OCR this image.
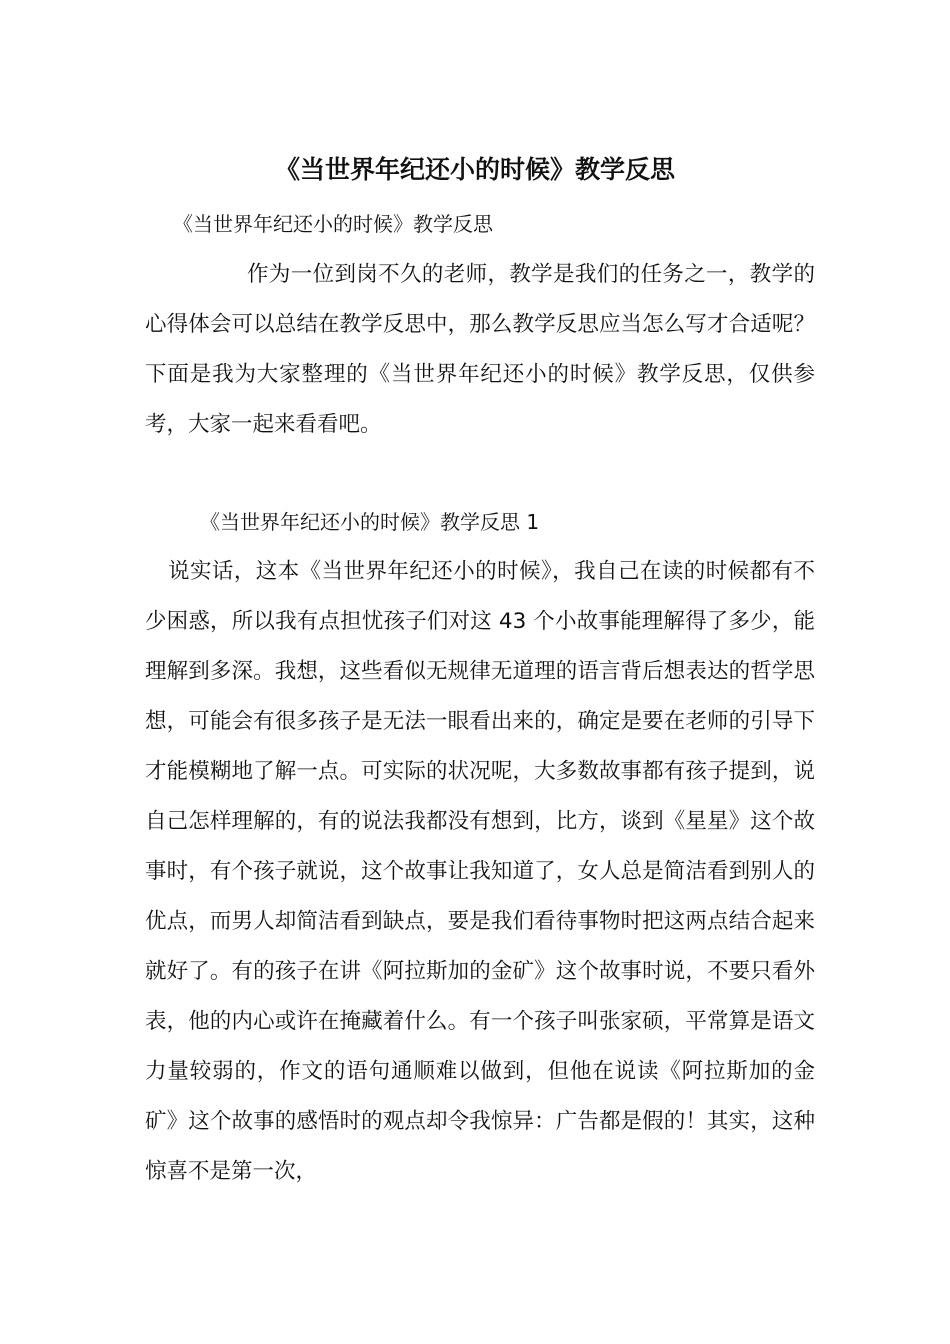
《当世界年纪还小的时候》教学反思

《当世界年纪还小的时候》教学反思

作为一位到岗不久的老师，教学是我们的任务之一，教学的心得体会可以总结在教学反思中，那么教学反思应当怎么写才合适呢？下面是我为大家整理的《当世界年纪还小的时候》教学反思，仅供参考，大家一起来看看吧。

《当世界年纪还小的时候》教学反思 1

说实话，这本《当世界年纪还小的时候》，我自己在读的时候都有不少困惑，所以我有点担忧孩子们对这 43 个小故事能理解得了多少，能理解到多深。我想，这些看似无规律无道理的语言背后想表达的哲学思想，可能会有很多孩子是无法一眼看出来的，确定是要在老师的引导下才能模糊地了解一点。可实际的状况呢，大多数故事都有孩子提到，说自己怎样理解的，有的说法我都没有想到，比方，谈到《星星》这个故事时，有个孩子就说，这个故事让我知道了，女人总是简洁看到别人的优点，而男人却简洁看到缺点，要是我们看待事物时把这两点结合起来就好了。有的孩子在讲《阿拉斯加的金矿》这个故事时说，不要只看外表，他的内心或许在掩藏着什么。有一个孩子叫张家硕，平常算是语文力量较弱的，作文的语句通顺难以做到，但他在说读《阿拉斯加的金矿》这个故事的感悟时的观点却令我惊异：广告都是假的！其实，这种惊喜不是第一次，
